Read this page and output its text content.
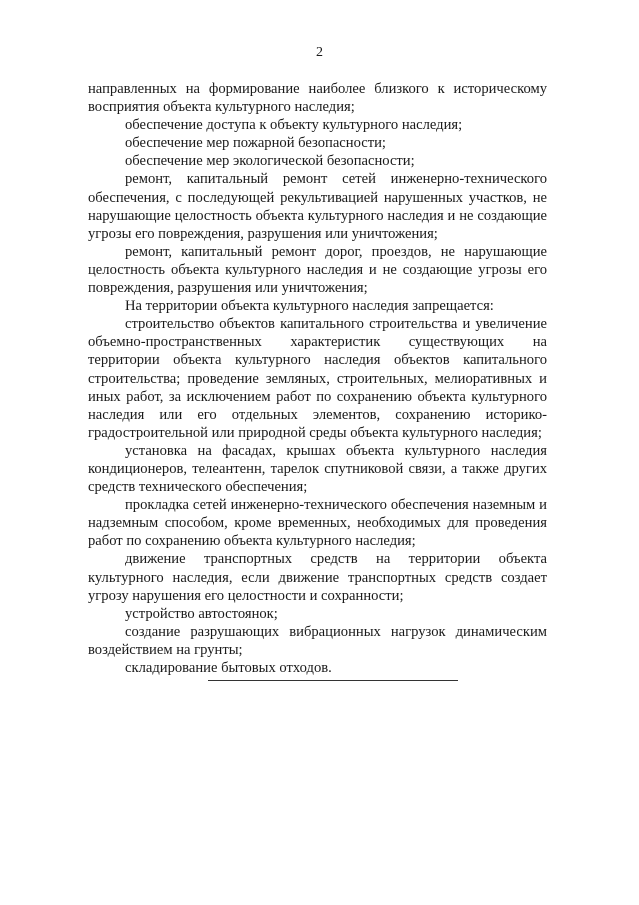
2

направленных на формирование наиболее близкого к историческому восприятия объекта культурного наследия;

обеспечение доступа к объекту культурного наследия;

обеспечение мер пожарной безопасности;

обеспечение мер экологической безопасности;

ремонт, капитальный ремонт сетей инженерно-технического обеспечения, с последующей рекультивацией нарушенных участков, не нарушающие целостность объекта культурного наследия и не создающие угрозы его повреждения, разрушения или уничтожения;

ремонт, капитальный ремонт дорог, проездов, не нарушающие целостность объекта культурного наследия и не создающие угрозы его повреждения, разрушения или уничтожения;

На территории объекта культурного наследия запрещается:

строительство объектов капитального строительства и увеличение объемно-пространственных характеристик существующих на территории объекта культурного наследия объектов капитального строительства; проведение земляных, строительных, мелиоративных и иных работ, за исключением работ по сохранению объекта культурного наследия или его отдельных элементов, сохранению историко-градостроительной или природной среды объекта культурного наследия;

установка на фасадах, крышах объекта культурного наследия кондиционеров, телеантенн, тарелок спутниковой связи, а также других средств технического обеспечения;

прокладка сетей инженерно-технического обеспечения наземным и надземным способом, кроме временных, необходимых для проведения работ по сохранению объекта культурного наследия;

движение транспортных средств на территории объекта культурного наследия, если движение транспортных средств создает угрозу нарушения его целостности и сохранности;

устройство автостоянок;

создание разрушающих вибрационных нагрузок динамическим воздействием на грунты;

складирование бытовых отходов.
